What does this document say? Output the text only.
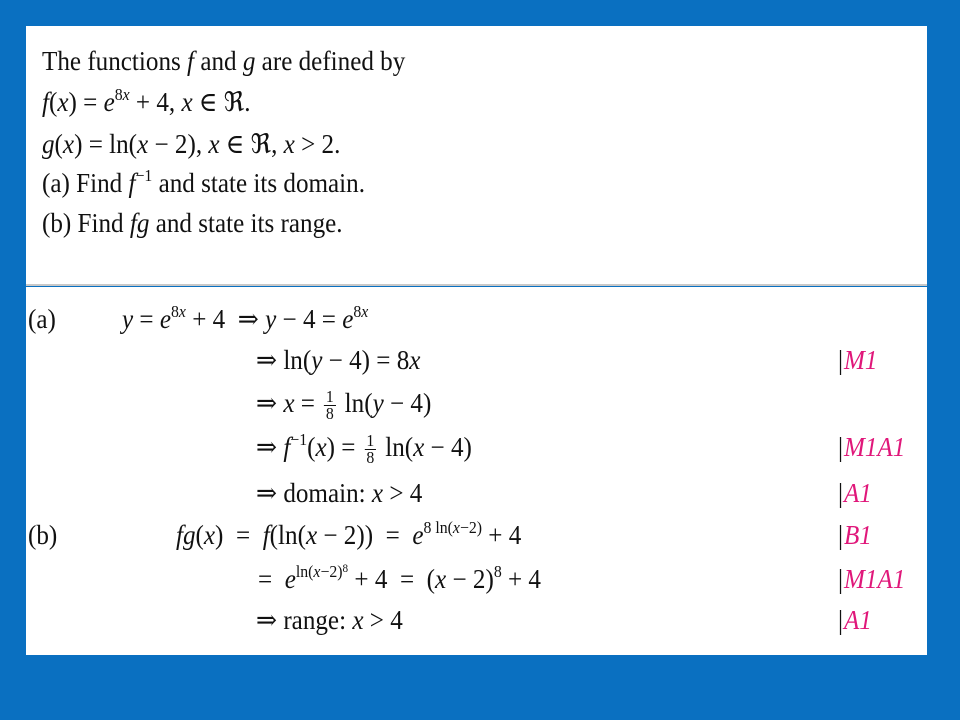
The functions f and g are defined by
$f(x) = e^{8x} + 4$, x ∈ ℜ.
g(x) = ln(x − 2), x ∈ ℜ, x > 2.
(a) Find $f^{-1}$ and state its domain.
(b) Find fg and state its range.
(a) $y = e^{8x} + 4$  ⇒ $y - 4 = e^{8x}$
⇒ ln(y − 4) = 8x
⇒ $x = \frac{1}{8} \ln(y - 4)$
⇒ $f^{-1}(x) = \frac{1}{8} \ln(x - 4)$
⇒ domain: x > 4
(b)	$fg(x) = f(\ln(x - 2)) = e^{8 ln(x-2)} + 4$
=  $e^{ln(x-2)^8} + 4 = (x - 2)^8 + 4$
⇒ range: x > 4
|M1
|M1A1
|A1
|B1
|M1A1
|A1
